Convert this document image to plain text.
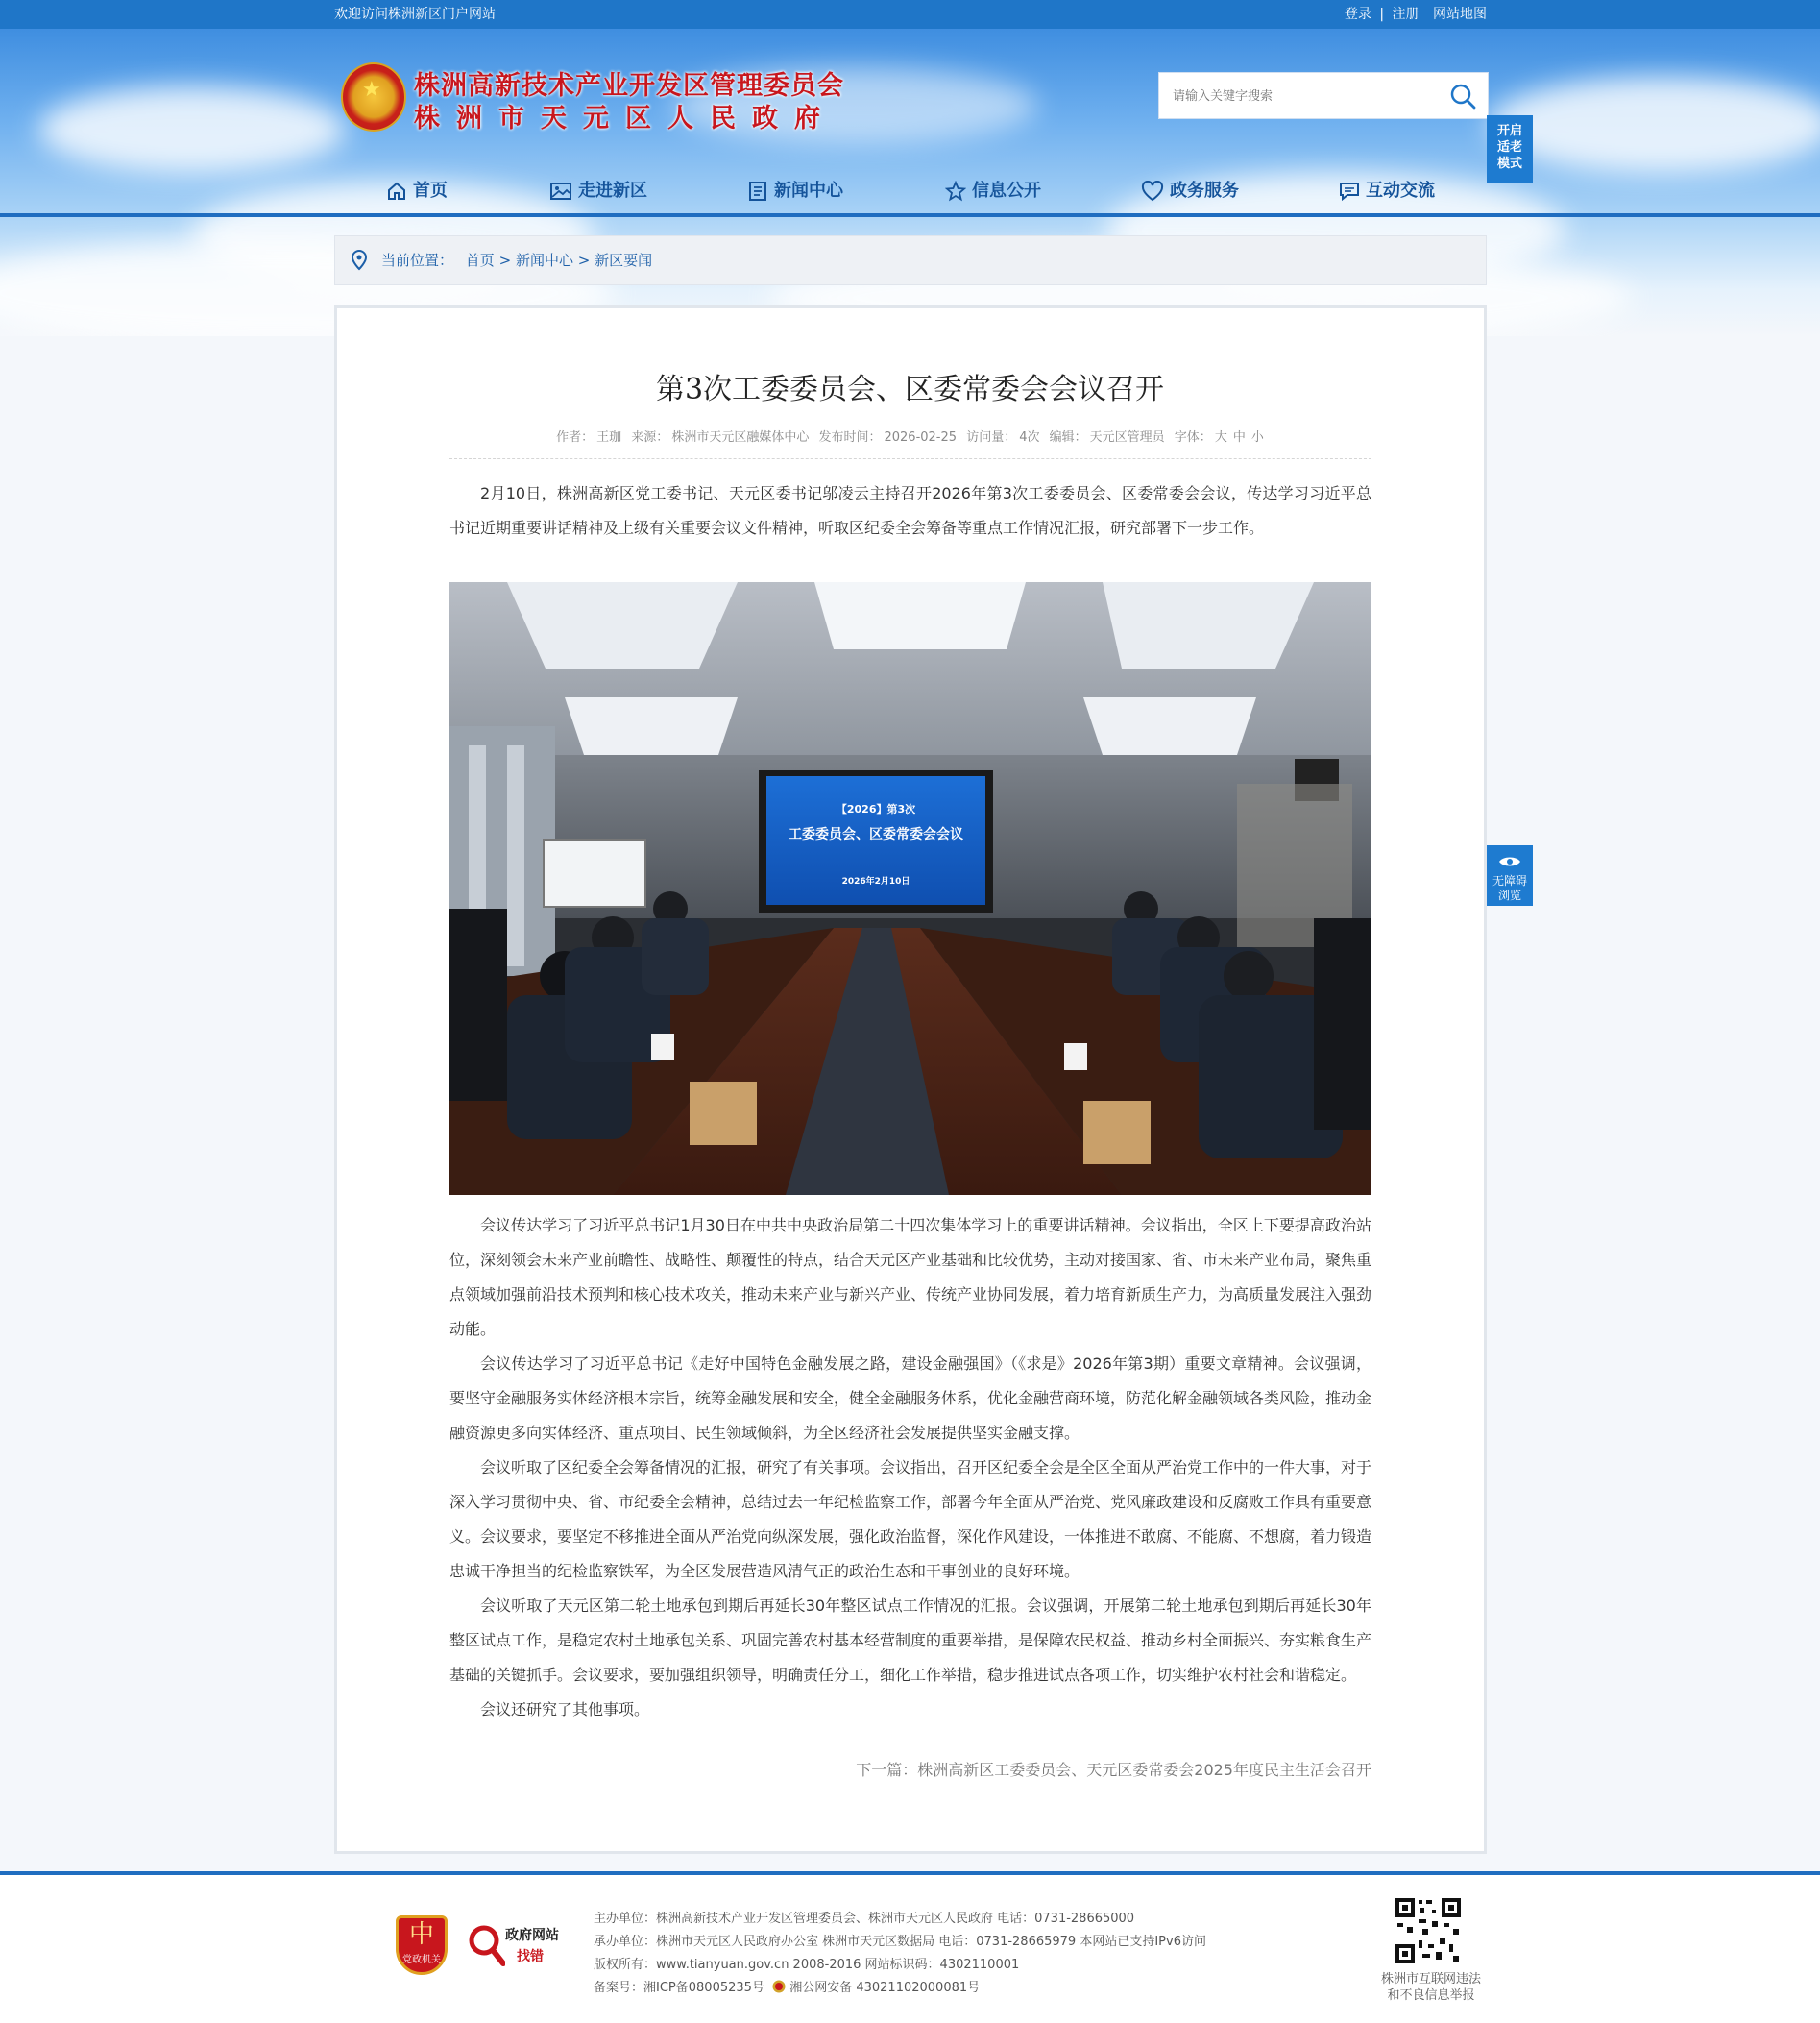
欢迎访问株洲新区门户网站	登录 | 注册 网站地图
★
株洲高新技术产业开发区管理委员会
株洲市天元区人民政府
请输入关键字搜索	开启适老模式
首页	走进新区	新闻中心	信息公开	政务服务	互动交流
当前位置： 首页 > 新闻中心 > 新区要闻
第3次工委委员会、区委常委会会议召开
作者： 王珈 来源： 株洲市天元区融媒体中心 发布时间： 2026-02-25 访问量： 4次 编辑： 天元区管理员 字体： 大 中 小

2月10日，株洲高新区党工委书记、天元区委书记邬凌云主持召开2026年第3次工委委员会、区委常委会会议，传达学习习近平总书记近期重要讲话精神及上级有关重要会议文件精神，听取区纪委全会筹备等重点工作情况汇报，研究部署下一步工作。

【2026】第3次
工委委员会、区委常委会会议
2026年2月10日

会议传达学习了习近平总书记1月30日在中共中央政治局第二十四次集体学习上的重要讲话精神。会议指出，全区上下要提高政治站位，深刻领会未来产业前瞻性、战略性、颠覆性的特点，结合天元区产业基础和比较优势，主动对接国家、省、市未来产业布局，聚焦重点领域加强前沿技术预判和核心技术攻关，推动未来产业与新兴产业、传统产业协同发展，着力培育新质生产力，为高质量发展注入强劲动能。

会议传达学习了习近平总书记《走好中国特色金融发展之路，建设金融强国》（《求是》2026年第3期）重要文章精神。会议强调，要坚守金融服务实体经济根本宗旨，统筹金融发展和安全，健全金融服务体系，优化金融营商环境，防范化解金融领域各类风险，推动金融资源更多向实体经济、重点项目、民生领域倾斜，为全区经济社会发展提供坚实金融支撑。

会议听取了区纪委全会筹备情况的汇报，研究了有关事项。会议指出，召开区纪委全会是全区全面从严治党工作中的一件大事，对于深入学习贯彻中央、省、市纪委全会精神，总结过去一年纪检监察工作，部署今年全面从严治党、党风廉政建设和反腐败工作具有重要意义。会议要求，要坚定不移推进全面从严治党向纵深发展，强化政治监督，深化作风建设，一体推进不敢腐、不能腐、不想腐，着力锻造忠诚干净担当的纪检监察铁军，为全区发展营造风清气正的政治生态和干事创业的良好环境。

会议听取了天元区第二轮土地承包到期后再延长30年整区试点工作情况的汇报。会议强调，开展第二轮土地承包到期后再延长30年整区试点工作，是稳定农村土地承包关系、巩固完善农村基本经营制度的重要举措，是保障农民权益、推动乡村全面振兴、夯实粮食生产基础的关键抓手。会议要求，要加强组织领导，明确责任分工，细化工作举措，稳步推进试点各项工作，切实维护农村社会和谐稳定。

会议还研究了其他事项。

下一篇：株洲高新区工委委员会、天元区委常委会2025年度民主生活会召开
无障碍浏览
中
党政机关
政府网站
找错
主办单位：株洲高新技术产业开发区管理委员会、株洲市天元区人民政府 电话：0731-28665000
承办单位：株洲市天元区人民政府办公室 株洲市天元区数据局 电话：0731-28665979 本网站已支持IPv6访问
版权所有：www.tianyuan.gov.cn 2008-2016 网站标识码：4302110001
备案号：湘ICP备08005235号 湘公网安备 43021102000081号
株洲市互联网违法
和不良信息举报
